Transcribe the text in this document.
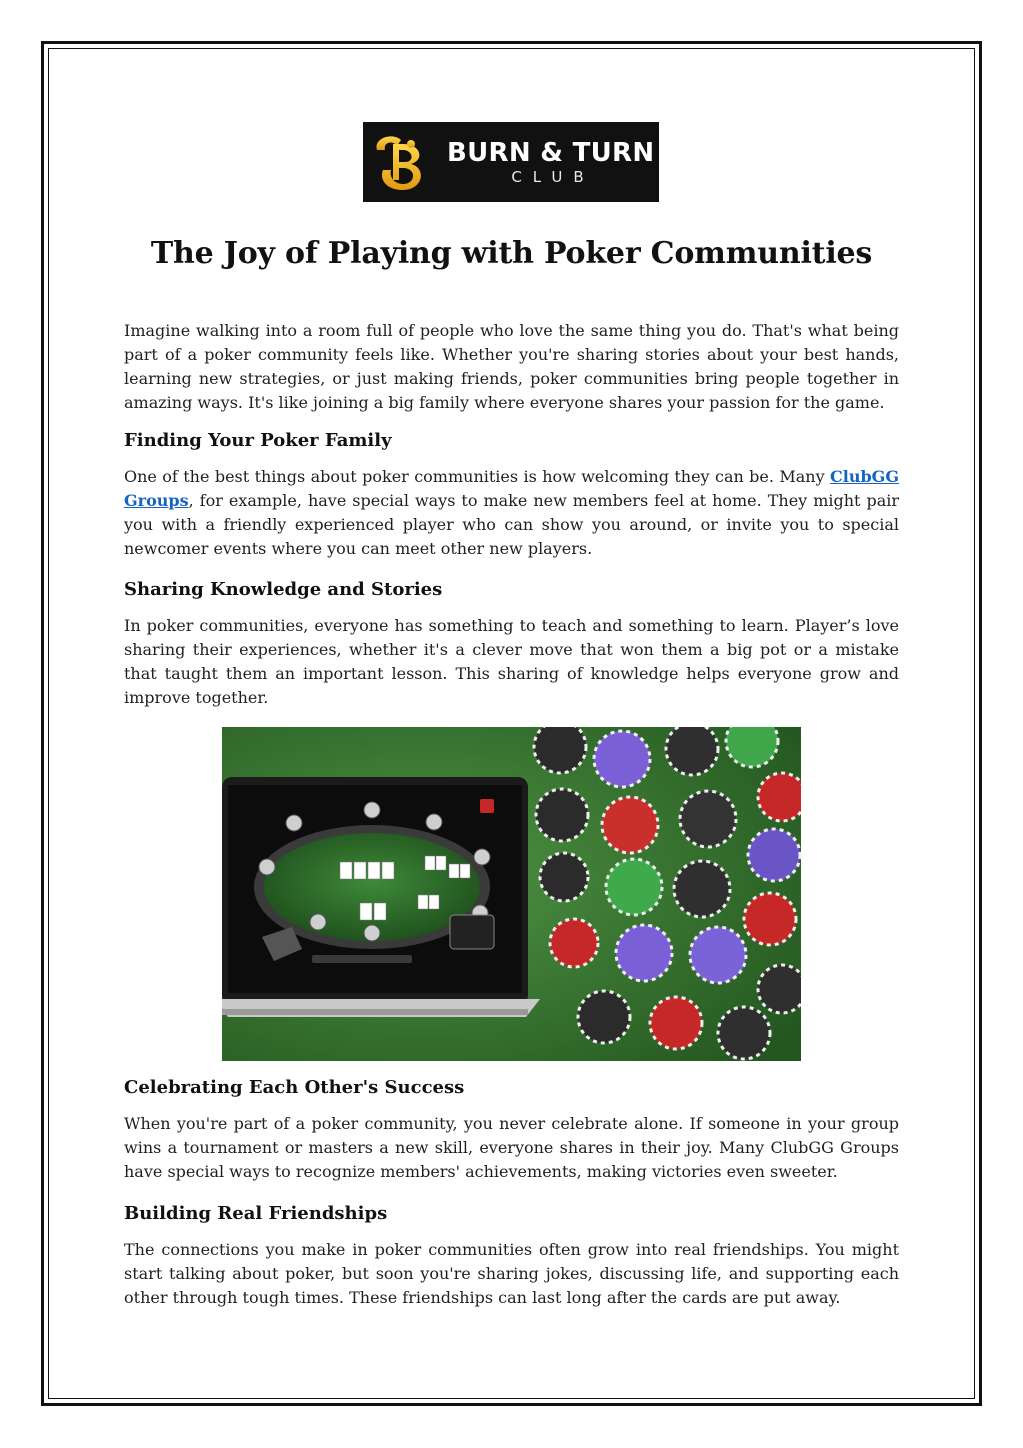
BURN & TURN
CLUB
The Joy of Playing with Poker Communities

Imagine walking into a room full of people who love the same thing you do. That's what being part of a poker community feels like. Whether you're sharing stories about your best hands, learning new strategies, or just making friends, poker communities bring people together in amazing ways. It's like joining a big family where everyone shares your passion for the game.

Finding Your Poker Family

One of the best things about poker communities is how welcoming they can be. Many ClubGG Groups, for example, have special ways to make new members feel at home. They might pair you with a friendly experienced player who can show you around, or invite you to special newcomer events where you can meet other new players.

Sharing Knowledge and Stories

In poker communities, everyone has something to teach and something to learn. Player’s love sharing their experiences, whether it's a clever move that won them a big pot or a mistake that taught them an important lesson. This sharing of knowledge helps everyone grow and improve together.

Celebrating Each Other's Success

When you're part of a poker community, you never celebrate alone. If someone in your group wins a tournament or masters a new skill, everyone shares in their joy. Many ClubGG Groups have special ways to recognize members' achievements, making victories even sweeter.

Building Real Friendships

The connections you make in poker communities often grow into real friendships. You might start talking about poker, but soon you're sharing jokes, discussing life, and supporting each other through tough times. These friendships can last long after the cards are put away.
